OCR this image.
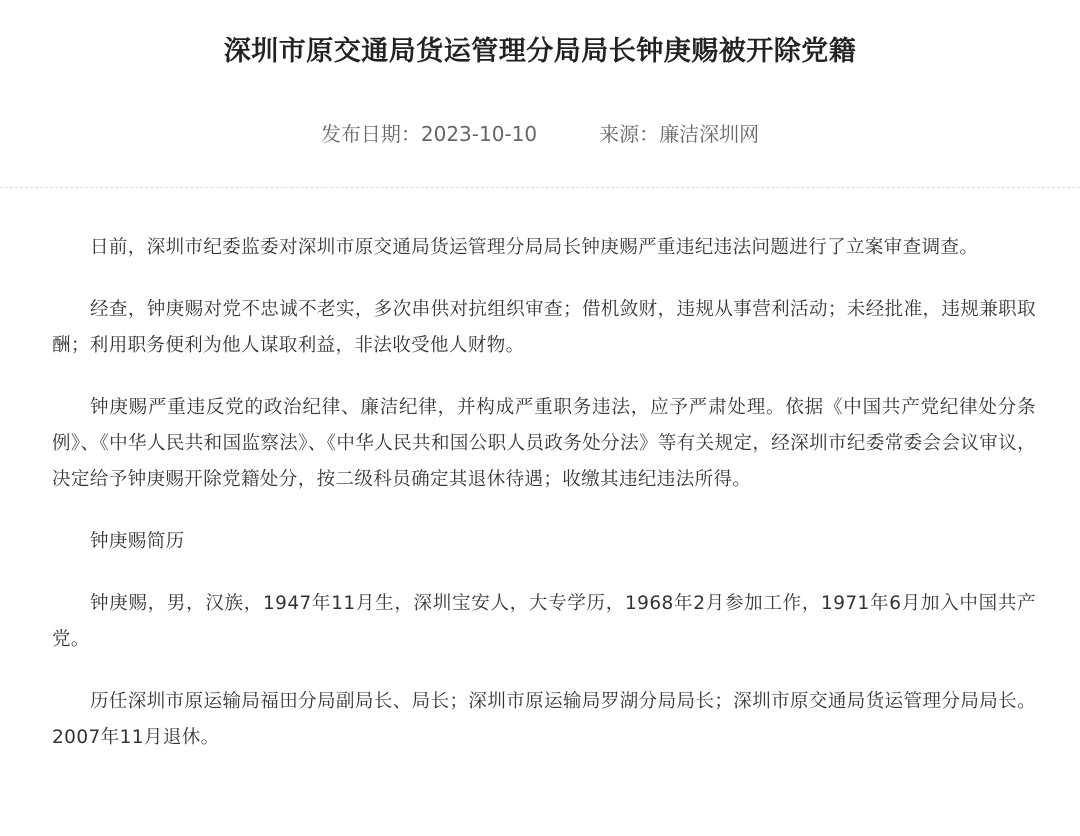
深圳市原交通局货运管理分局局长钟庚赐被开除党籍
发布日期： 2023-10-10	来源： 廉洁深圳网

日前，深圳市纪委监委对深圳市原交通局货运管理分局局长钟庚赐严重违纪违法问题进行了立案审查调查。

经查，钟庚赐对党不忠诚不老实，多次串供对抗组织审查；借机敛财，违规从事营利活动；未经批准，违规兼职取酬；利用职务便利为他人谋取利益，非法收受他人财物。

钟庚赐严重违反党的政治纪律、廉洁纪律，并构成严重职务违法，应予严肃处理。依据《中国共产党纪律处分条例》、《中华人民共和国监察法》、《中华人民共和国公职人员政务处分法》等有关规定，经深圳市纪委常委会会议审议，决定给予钟庚赐开除党籍处分，按二级科员确定其退休待遇；收缴其违纪违法所得。

钟庚赐简历

钟庚赐，男，汉族，1947年11月生，深圳宝安人，大专学历，1968年2月参加工作，1971年6月加入中国共产党。

历任深圳市原运输局福田分局副局长、局长；深圳市原运输局罗湖分局局长；深圳市原交通局货运管理分局局长。2007年11月退休。
